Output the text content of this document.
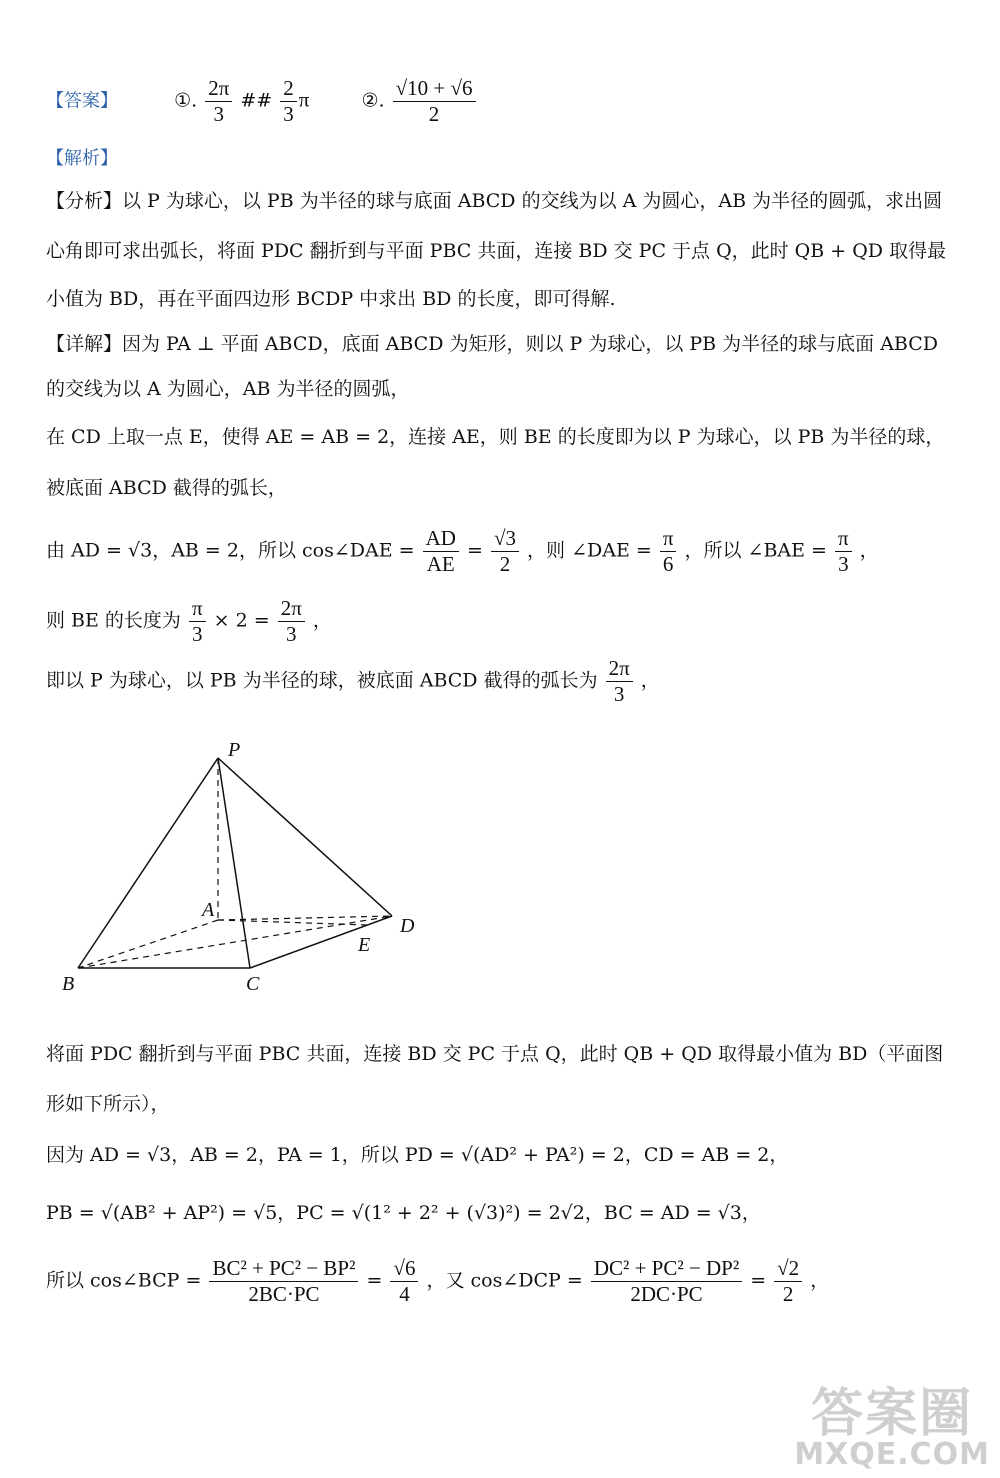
【答案】	①. $\frac{2\pi}{3}$ ## $\frac{2}{3}$ π	②. $\frac{√10 + √6}{2}$
【解析】
【分析】以 P 为球心，以 PB 为半径的球与底面 ABCD 的交线为以 A 为圆心，AB 为半径的圆弧，求出圆
心角即可求出弧长，将面 PDC 翻折到与平面 PBC 共面，连接 BD 交 PC 于点 Q，此时 QB + QD 取得最
小值为 BD，再在平面四边形 BCDP 中求出 BD 的长度，即可得解.
【详解】因为 PA ⊥ 平面 ABCD，底面 ABCD 为矩形，则以 P 为球心，以 PB 为半径的球与底面 ABCD
的交线为以 A 为圆心，AB 为半径的圆弧，
在 CD 上取一点 E，使得 AE = AB = 2，连接 AE，则 BE 的长度即为以 P 为球心，以 PB 为半径的球，
被底面 ABCD 截得的弧长，
由 AD = √3，AB = 2，所以 cos∠DAE = $\frac{AD}{AE} = \frac{√3}{2}$ ，则 ∠DAE = $\frac{\pi}{6}$ ，所以 ∠BAE = $\frac{\pi}{3}$ ，
则 BE 的长度为 $\frac{\pi}{3} \times 2 = \frac{2\pi}{3}$ ，
即以 P 为球心，以 PB 为半径的球，被底面 ABCD 截得的弧长为 $\frac{2\pi}{3}$ ，
P
A
D
E
B	C
将面 PDC 翻折到与平面 PBC 共面，连接 BD 交 PC 于点 Q，此时 QB + QD 取得最小值为 BD（平面图
形如下所示），
因为 AD = √3，AB = 2，PA = 1，所以 PD = √(AD² + PA²) = 2，CD = AB = 2，
PB = √(AB² + AP²) = √5，PC = √(1² + 2² + (√3)²) = 2√2，BC = AD = √3，
所以 cos∠BCP = $\frac{\text{BC² + PC² − BP²}}{2BC\cdot PC} = \frac{√6}{4}$ ，又 cos∠DCP = $\frac{\text{DC² + PC² − DP²}}{2DC\cdot PC} = \frac{√2}{2}$ ，
答案圈
MXQE.COM
